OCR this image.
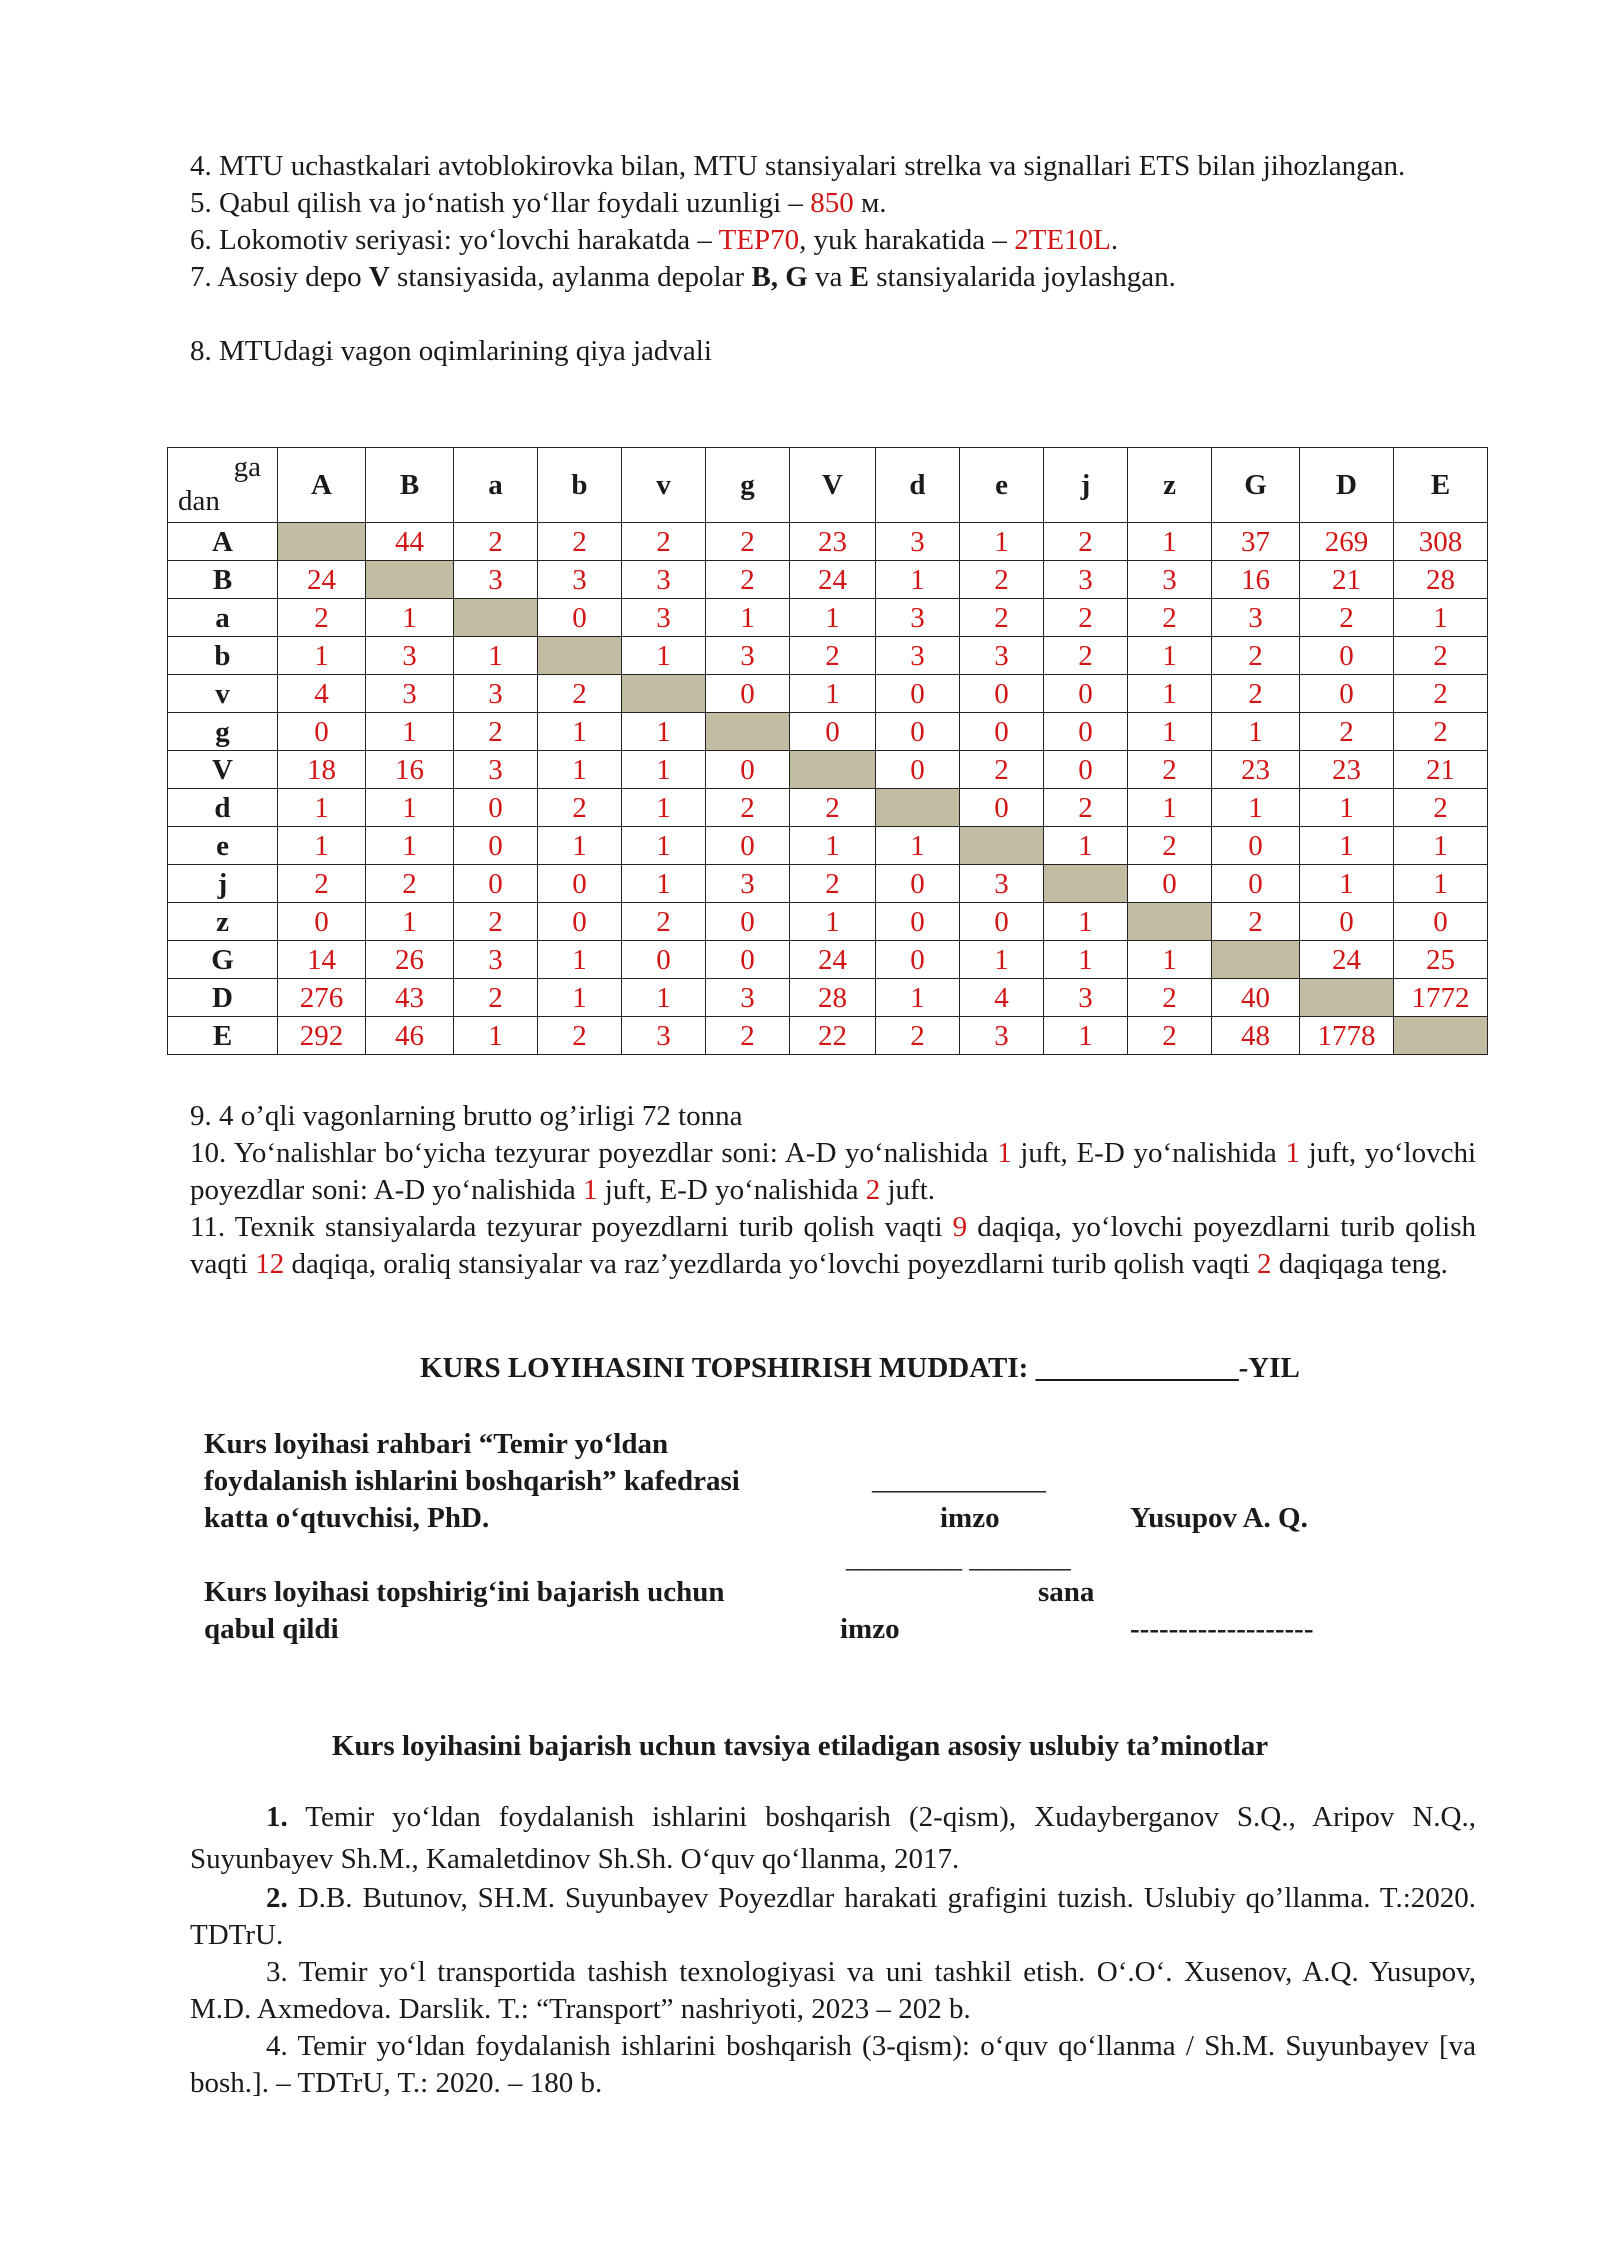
4. MTU uchastkalari avtoblokirovka bilan, MTU stansiyalari strelka va signallari ETS bilan jihozlangan.

5. Qabul qilish va jo‘natish yo‘llar foydali uzunligi – 850 м.

6. Lokomotiv seriyasi: yo‘lovchi harakatda – TEP70, yuk harakatida – 2TE10L.

7. Asosiy depo V stansiyasida, aylanma depolar B, G va E stansiyalarida joylashgan.

8. MTUdagi vagon oqimlarining qiya jadvali

ga
dan	A	B	a	b	v	g	V	d	e	j	z	G	D	E
A		44	2	2	2	2	23	3	1	2	1	37	269	308
B	24		3	3	3	2	24	1	2	3	3	16	21	28
a	2	1		0	3	1	1	3	2	2	2	3	2	1
b	1	3	1		1	3	2	3	3	2	1	2	0	2
v	4	3	3	2		0	1	0	0	0	1	2	0	2
g	0	1	2	1	1		0	0	0	0	1	1	2	2
V	18	16	3	1	1	0		0	2	0	2	23	23	21
d	1	1	0	2	1	2	2		0	2	1	1	1	2
e	1	1	0	1	1	0	1	1		1	2	0	1	1
j	2	2	0	0	1	3	2	0	3		0	0	1	1
z	0	1	2	0	2	0	1	0	0	1		2	0	0
G	14	26	3	1	0	0	24	0	1	1	1		24	25
D	276	43	2	1	1	3	28	1	4	3	2	40		1772
E	292	46	1	2	3	2	22	2	3	1	2	48	1778	

9. 4 o’qli vagonlarning brutto og’irligi 72 tonna

10. Yo‘nalishlar bo‘yicha tezyurar poyezdlar soni: A-D yo‘nalishida 1 juft, E-D yo‘nalishida 1 juft, yo‘lovchi poyezdlar soni: A-D yo‘nalishida 1 juft, E-D yo‘nalishida 2 juft.

11. Texnik stansiyalarda tezyurar poyezdlarni turib qolish vaqti 9 daqiqa, yo‘lovchi poyezdlarni turib qolish vaqti 12 daqiqa, oraliq stansiyalar va raz’yezdlarda yo‘lovchi poyezdlarni turib qolish vaqti 2 daqiqaga teng.

KURS LOYIHASINI TOPSHIRISH MUDDATI: ______________-YIL
Kurs loyihasi rahbari “Temir yo‘ldan
foydalanish ishlarini boshqarish” kafedrasi
katta o‘qtuvchisi, PhD.
____________
imzo	Yusupov A. Q.
________ _______
sana
Kurs loyihasi topshirig‘ini bajarish uchun
qabul qildi	imzo	-------------------
Kurs loyihasini bajarish uchun tavsiya etiladigan asosiy uslubiy ta’minotlar

1. Temir yo‘ldan foydalanish ishlarini boshqarish (2-qism), Xudayberganov S.Q., Aripov N.Q., Suyunbayev Sh.M., Kamaletdinov Sh.Sh. O‘quv qo‘llanma, 2017.

2. D.B. Butunov, SH.M. Suyunbayev Poyezdlar harakati grafigini tuzish. Uslubiy qo’llanma. T.:2020. TDTrU.

3. Temir yo‘l transportida tashish texnologiyasi va uni tashkil etish. O‘.O‘. Xusenov, A.Q. Yusupov, M.D. Axmedova. Darslik. T.: “Transport” nashriyoti, 2023 – 202 b.

4. Temir yo‘ldan foydalanish ishlarini boshqarish (3-qism): o‘quv qo‘llanma / Sh.M. Suyunbayev [va bosh.]. – TDTrU, T.: 2020. – 180 b.
